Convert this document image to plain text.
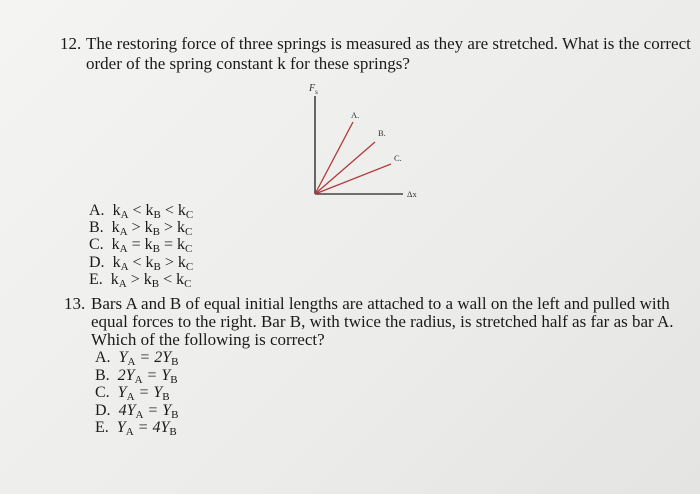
12. The restoring force of three springs is measured as they are stretched. What is the correct
order of the spring constant k for these springs?
$F_s$
A.
B.
C.
Δx
A. $k_A < k_B < k_C$
B. $k_A > k_B > k_C$
C. $k_A = k_B = k_C$
D. $k_A < k_B > k_C$
E. $k_A > k_B < k_C$
13. Bars A and B of equal initial lengths are attached to a wall on the left and pulled with
equal forces to the right. Bar B, with twice the radius, is stretched half as far as bar A.
Which of the following is correct?
A. $Y_A = 2Y_B$
B. $2Y_A = Y_B$
C. $Y_A = Y_B$
D. $4Y_A = Y_B$
E. $Y_A = 4Y_B$
